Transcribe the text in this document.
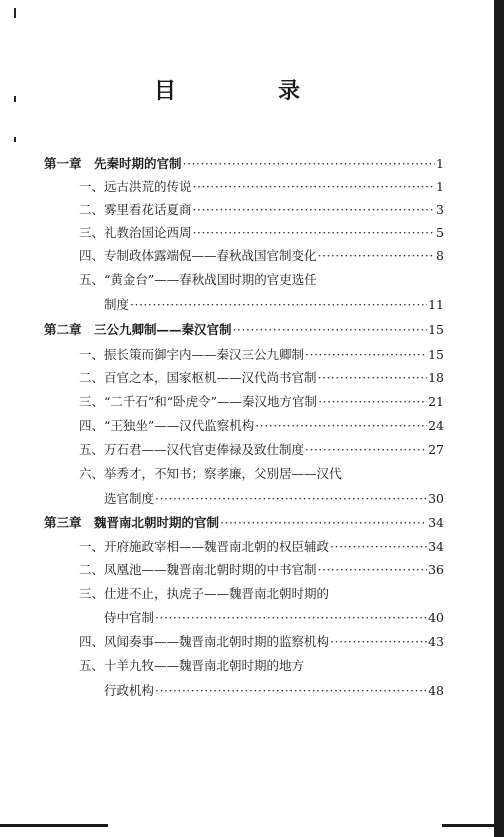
目　录
第一章　先秦时期的官制 ·····	1
一、远古洪荒的传说 ·····	1
二、雾里看花话夏商 ·····	3
三、礼教治国论西周 ·····	5
四、专制政体露端倪——春秋战国官制变化 ·····	8
五、“黄金台”——春秋战国时期的官吏选任
制度 ·····	11
第二章　三公九卿制——秦汉官制 ·····	15
一、振长策而御宇内——秦汉三公九卿制 ·····	15
二、百官之本，国家枢机——汉代尚书官制 ·····	18
三、“二千石”和“卧虎令”——秦汉地方官制 ·····	21
四、“王独坐”——汉代监察机构 ·····	24
五、万石君——汉代官吏俸禄及致仕制度 ·····	27
六、举秀才，不知书；察孝廉，父别居——汉代
选官制度 ·····	30
第三章　魏晋南北朝时期的官制 ·····	34
一、开府施政宰相——魏晋南北朝的权臣辅政 ·····	34
二、凤凰池——魏晋南北朝时期的中书官制 ·····	36
三、仕进不止，执虎子——魏晋南北朝时期的
侍中官制 ·····	40
四、风闻奏事——魏晋南北朝时期的监察机构 ·····	43
五、十羊九牧——魏晋南北朝时期的地方
行政机构 ·····	48
